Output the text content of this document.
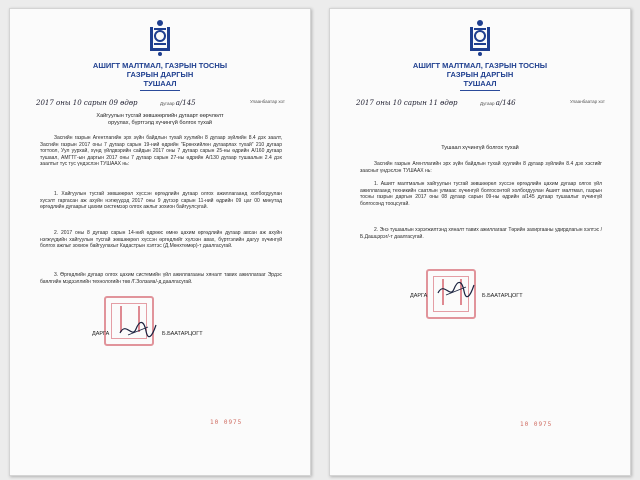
АШИГТ МАЛТМАЛ, ГАЗРЫН ТОСНЫ
ГАЗРЫН ДАРГЫН
ТУШААЛ
2017 оны 10 сарын 09 өдөр	Дугаар а/145	Улаанбаатар хот
Хайгуулын тусгай зөвшөөрлийн дугаарт өөрчлөлт оруулах, бүртгэлд хүчингүй болгох тухай
Засгийн газрын Агентлагийн эрх зүйн байдлын тухай хуулийн 8 дугаар зүйлийн 8.4 дэх заалт, Засгийн газрын 2017 оны 7 дугаар сарын 19-ний өдрийн “Ерөнхийлөн дугаарлах тухай” 210 дугаар тогтоол, Уул уурхай, хүнд үйлдвэрийн сайдын 2017 оны 7 дугаар сарын 25-ны өдрийн А/160 дугаар тушаал, АМГТГ-ын даргын 2017 оны 7 дугаар сарын 27-ны өдрийн А/130 дугаар тушаалын 2.4 дэх заалтыг тус тус үндэслэн ТУШААХ нь:
1. Хайгуулын тусгай зөвшөөрөл хүссэн өргөдлийн дугаар олгох ажиллагаанд холбогдуулан хүсэлт гаргасан аж ахуйн нэгжүүдэд 2017 оны 9 дүгээр сарын 11-ний өдрийн 09 цаг 00 минутад өргөдлийн дугаарыг цахим системээр олгох ажлыг зохион байгуулсугай.
2. 2017 оны 8 дугаар сарын 14-ний өдрөөс өмнө цахим өргөдлийн дугаар авсан аж ахуйн нэгжүүдийн хайгуулын тусгай зөвшөөрөл хүссэн өргөдлийг хүлээн авах, бүртгэлийн дагуу хүчингүй болгох ажлыг зохион байгуулахыг Кадастрын хэлтэс (Д.Мөнхтөмөр)-т даалгасугай.
3. Өргөдлийн дугаар олгох цахим системийн үйл ажиллагааны хяналт тавих ажиллагааг Эрдэс баялгийн мэдээллийн технологийн төв /Г.Золзаяа/-д даалгасугай.
ДАРГА	Б.БААТАРЦОГТ
10 0975
АШИГТ МАЛТМАЛ, ГАЗРЫН ТОСНЫ
ГАЗРЫН ДАРГЫН
ТУШААЛ
2017 оны 10 сарын 11 өдөр	Дугаар а/146	Улаанбаатар хот
Тушаал хүчингүй болгох тухай
Засгийн газрын Агентлагийн эрх зүйн байдлын тухай хуулийн 8 дугаар зүйлийн 8.4 дэх хэсгийг заасныг үндэслэн ТУШААХ нь:
1. Ашигт малтмалын хайгуулын тусгай зөвшөөрөл хүссэн өргөдлийн цахим дугаар олгох үйл ажиллагаанд техникийн саатлын улмаас хүчингүй болгосонтой холбогдуулан Ашигт малтмал, газрын тосны газрын даргын 2017 оны 08 дугаар сарын 09-ны өдрийн а/145 дугаар тушаалыг хүчингүй болгосонд тооцсугай.
2. Энэ тушаалын хэрэгжилтэнд хяналт тавих ажиллагааг Төрийн захиргааны удирдлагын хэлтэс /Б.Дашцэрэг/-т даалгасугай.
ДАРГА	Б.БААТАРЦОГТ
10 0975
